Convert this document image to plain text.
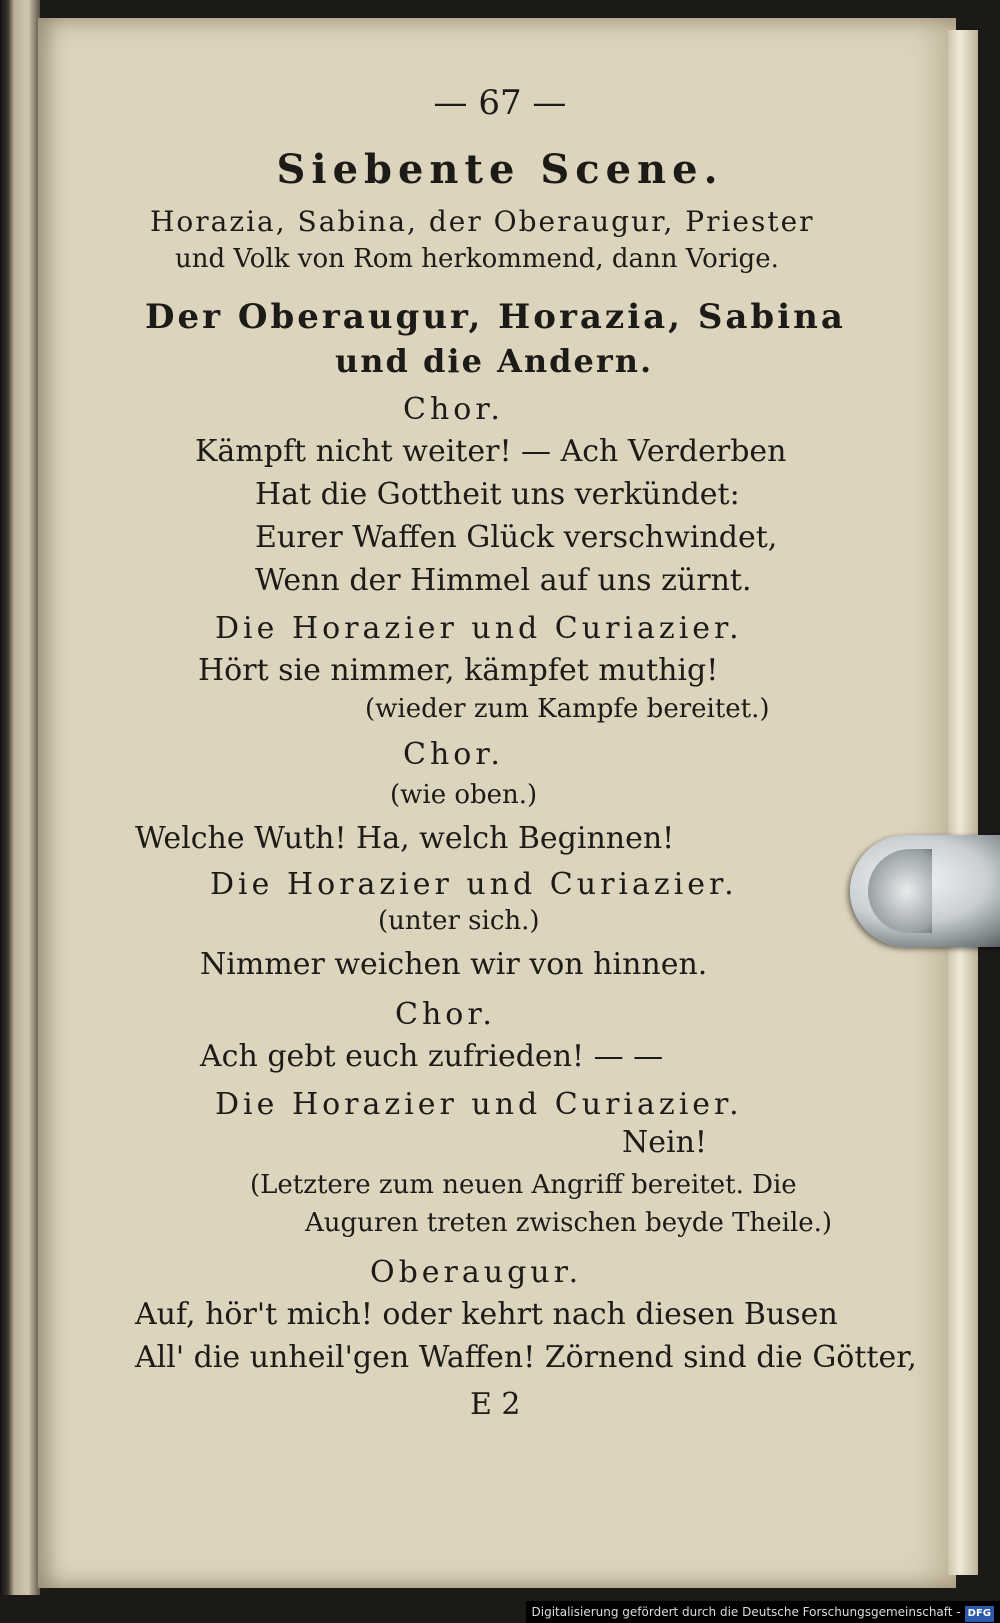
— 67 —
Siebente Scene.
Horazia, Sabina, der Oberaugur, Priester
und Volk von Rom herkommend, dann Vorige.
Der Oberaugur, Horazia, Sabina
und die Andern.
Chor.
Kämpft nicht weiter! — Ach Verderben
Hat die Gottheit uns verkündet:
Eurer Waffen Glück verschwindet,
Wenn der Himmel auf uns zürnt.
Die Horazier und Curiazier.
Hört sie nimmer, kämpfet muthig!
(wieder zum Kampfe bereitet.)
Chor.
(wie oben.)
Welche Wuth! Ha, welch Beginnen!
Die Horazier und Curiazier.
(unter sich.)
Nimmer weichen wir von hinnen.
Chor.
Ach gebt euch zufrieden! — —
Die Horazier und Curiazier.
Nein!
(Letztere zum neuen Angriff bereitet. Die
Auguren treten zwischen beyde Theile.)
Oberaugur.
Auf, hör't mich! oder kehrt nach diesen Busen
All' die unheil'gen Waffen! Zörnend sind die Götter,
E 2
Digitalisierung gefördert durch die Deutsche Forschungsgemeinschaft - DFG
